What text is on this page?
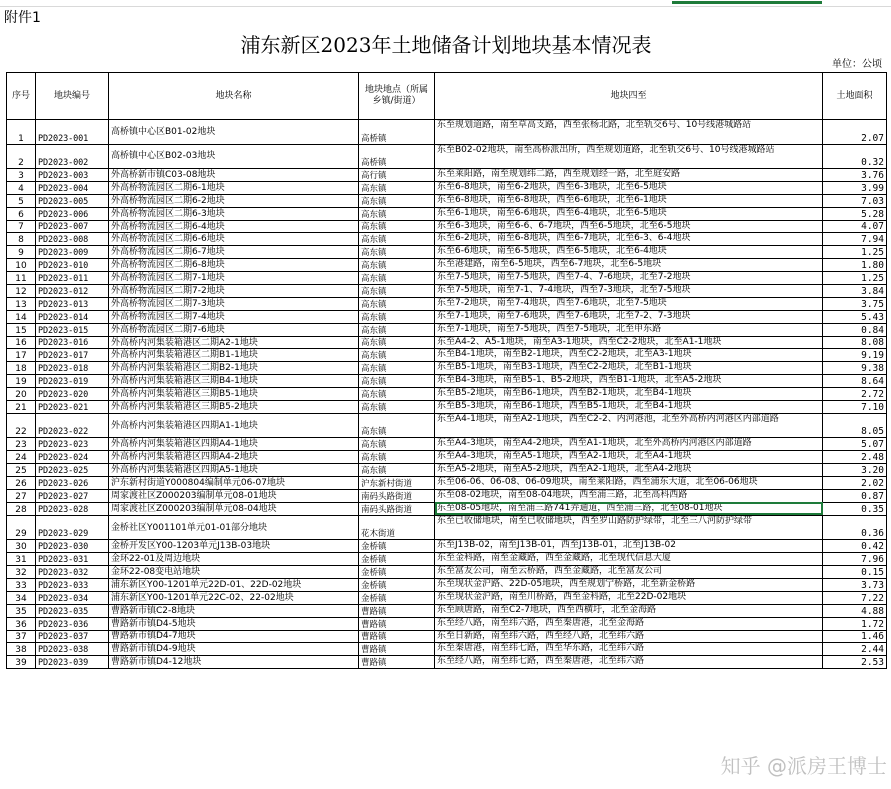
附件1
浦东新区2023年土地储备计划地块基本情况表
单位：公顷
序号	地块编号	地块名称	地块地点（所属乡镇/街道）	地块四至	土地面积
1	PD2023-001	高桥镇中心区B01-02地块	高桥镇	东至规划道路，南至草高支路，西至张杨北路，北至轨交6号、10号线港城路站	2.07
2	PD2023-002	高桥镇中心区B02-03地块	高桥镇	东至B02-02地块，南至高桥派出所，西至规划道路，北至轨交6号、10号线港城路站	0.32
3	PD2023-003	外高桥新市镇C03-08地块	高行镇	东至莱阳路，南至规划纬二路，西至规划经一路，北至庭安路	3.76
4	PD2023-004	外高桥物流园区二期6-1地块	高东镇	东至6-8地块，南至6-2地块，西至6-3地块，北至6-5地块	3.99
5	PD2023-005	外高桥物流园区二期6-2地块	高东镇	东至6-8地块，南至6-8地块，西至6-6地块，北至6-1地块	7.03
6	PD2023-006	外高桥物流园区二期6-3地块	高东镇	东至6-1地块，南至6-6地块，西至6-4地块，北至6-5地块	5.28
7	PD2023-007	外高桥物流园区二期6-4地块	高东镇	东至6-3地块，南至6-6、6-7地块，西至6-5地块，北至6-5地块	4.07
8	PD2023-008	外高桥物流园区二期6-6地块	高东镇	东至6-2地块，南至6-8地块，西至6-7地块，北至6-3、6-4地块	7.94
9	PD2023-009	外高桥物流园区二期6-7地块	高东镇	东至6-6地块，南至6-5地块，西至6-5地块，北至6-4地块	1.25
10	PD2023-010	外高桥物流园区二期6-8地块	高东镇	东至港建路，南至6-5地块，西至6-7地块，北至6-5地块	1.80
11	PD2023-011	外高桥物流园区二期7-1地块	高东镇	东至7-5地块，南至7-5地块，西至7-4、7-6地块，北至7-2地块	1.25
12	PD2023-012	外高桥物流园区二期7-2地块	高东镇	东至7-5地块，南至7-1、7-4地块，西至7-3地块，北至7-5地块	3.84
13	PD2023-013	外高桥物流园区二期7-3地块	高东镇	东至7-2地块，南至7-4地块，西至7-6地块，北至7-5地块	3.75
14	PD2023-014	外高桥物流园区二期7-4地块	高东镇	东至7-1地块，南至7-6地块，西至7-6地块，北至7-2、7-3地块	5.43
15	PD2023-015	外高桥物流园区二期7-6地块	高东镇	东至7-1地块，南至7-5地块，西至7-5地块，北至申东路	0.84
16	PD2023-016	外高桥内河集装箱港区二期A2-1地块	高东镇	东至A4-2、A5-1地块，南至A3-1地块，西至C2-2地块，北至A1-1地块	8.08
17	PD2023-017	外高桥内河集装箱港区二期B1-1地块	高东镇	东至B4-1地块，南至B2-1地块，西至C2-2地块，北至A3-1地块	9.19
18	PD2023-018	外高桥内河集装箱港区二期B2-1地块	高东镇	东至B5-1地块，南至B3-1地块，西至C2-2地块，北至B1-1地块	9.38
19	PD2023-019	外高桥内河集装箱港区三期B4-1地块	高东镇	东至B4-3地块，南至B5-1、B5-2地块，西至B1-1地块，北至A5-2地块	8.64
20	PD2023-020	外高桥内河集装箱港区三期B5-1地块	高东镇	东至B5-2地块，南至B6-1地块，西至B2-1地块，北至B4-1地块	2.72
21	PD2023-021	外高桥内河集装箱港区三期B5-2地块	高东镇	东至B5-3地块，南至B6-1地块，西至B5-1地块，北至B4-1地块	7.10
22	PD2023-022	外高桥内河集装箱港区四期A1-1地块	高东镇	东至A4-1地块，南至A2-1地块，西至C2-2、内河港池，北至外高桥内河港区内部道路	8.05
23	PD2023-023	外高桥内河集装箱港区四期A4-1地块	高东镇	东至A4-3地块，南至A4-2地块，西至A1-1地块，北至外高桥内河港区内部道路	5.07
24	PD2023-024	外高桥内河集装箱港区四期A4-2地块	高东镇	东至A4-3地块，南至A5-1地块，西至A2-1地块，北至A4-1地块	2.48
25	PD2023-025	外高桥内河集装箱港区四期A5-1地块	高东镇	东至A5-2地块，南至A5-2地块，西至A2-1地块，北至A4-2地块	3.20
26	PD2023-026	沪东新村街道Y000804编制单元06-07地块	沪东新村街道	东至06-06、06-08、06-09地块，南至莱阳路，西至浦东大道，北至06-06地块	2.02
27	PD2023-027	周家渡社区Z000203编制单元08-01地块	南码头路街道	东至08-02地块，南至08-04地块，西至浦三路，北至高科西路	0.87
28	PD2023-028	周家渡社区Z000203编制单元08-04地块	南码头路街道	东至08-05地块，南至浦三路741弄通道，西至浦三路，北至08-01地块	0.35
29	PD2023-029	金桥社区Y001101单元01-01部分地块	花木街道	东至已收储地块，南至已收储地块，西至罗山路防护绿带，北至三八河防护绿带	0.36
30	PD2023-030	金桥开发区Y00-1203单元J13B-03地块	金桥镇	东至J13B-02，南至J13B-01，西至J13B-01，北至J13B-02	0.42
31	PD2023-031	金环22-01及周边地块	金桥镇	东至金科路，南至金藏路，西至金藏路，北至现代信息大厦	7.96
32	PD2023-032	金环22-08变电站地块	金桥镇	东至富友公司，南至云桥路，西至金藏路，北至富友公司	0.15
33	PD2023-033	浦东新区Y00-1201单元22D-01、22D-02地块	金桥镇	东至现状金沪路、22D-05地块，西至规划宁桥路，北至新金桥路	3.73
34	PD2023-034	浦东新区Y00-1201单元22C-02、22-02地块	金桥镇	东至现状金沪路，南至川桥路，西至金科路，北至22D-02地块	7.22
35	PD2023-035	曹路新市镇C2-8地块	曹路镇	东至顾唐路，南至C2-7地块，西至西横圩，北至金海路	4.88
36	PD2023-036	曹路新市镇D4-5地块	曹路镇	东至经八路，南至纬六路，西至秦唐港，北至金海路	1.72
37	PD2023-037	曹路新市镇D4-7地块	曹路镇	东至日新路，南至纬六路，西至经八路，北至纬六路	1.46
38	PD2023-038	曹路新市镇D4-9地块	曹路镇	东至秦唐港，南至纬七路，西至华东路，北至纬六路	2.44
39	PD2023-039	曹路新市镇D4-12地块	曹路镇	东至经八路，南至纬七路，西至秦唐港，北至纬六路	2.53
知乎 @派房王博士
